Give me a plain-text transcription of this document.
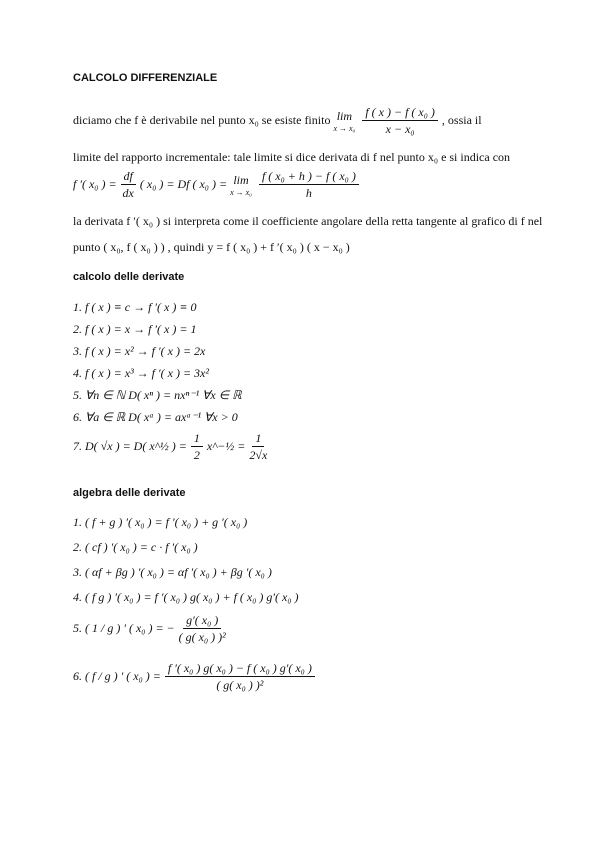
CALCOLO DIFFERENZIALE
diciamo che f è derivabile nel punto x₀ se esiste finito lim
$x \to x_0 \frac{\text{f ( x ) − f ( x₀ )}}{\text{x − x₀}}$ , ossia il
limite del rapporto incrementale: tale limite si dice derivata di f nel punto x₀ e si indica con
f ′( x₀ ) = $\frac{df}{dx}$ ( x₀ ) = Df ( x₀ ) = lim
$x \to x_0 \frac{\text{f ( x₀ + h ) − f ( x₀ )}}{h}$
la derivata f ′( x₀ ) si interpreta come il coefficiente angolare della retta tangente al grafico di f nel
punto ( x₀, f ( x₀ ) ) , quindi y = f ( x₀ ) + f ′( x₀ ) ( x − x₀ )
calcolo delle derivate
1. f ( x ) ≡ c → f ′( x ) ≡ 0
2. f ( x ) = x → f ′( x ) = 1
3. f ( x ) = x² → f ′( x ) = 2x
4. f ( x ) = x³ → f ′( x ) = 3x²
5. ∀n ∈ ℕ D( xⁿ ) = nxⁿ⁻¹ ∀x ∈ ℝ
6. ∀a ∈ ℝ D( xᵃ ) = axᵃ⁻¹ ∀x > 0
7. D( √x ) = D( x^½ ) = $\frac{1}{2}$ x^−½ = $\frac{1}{2√x}$
algebra delle derivate
1. ( f + g ) ′( x₀ ) = f ′( x₀ ) + g ′( x₀ )
2. ( cf ) ′( x₀ ) = c · f ′( x₀ )
3. ( αf + βg ) ′( x₀ ) = αf ′( x₀ ) + βg ′( x₀ )
4. ( f g ) ′( x₀ ) = f ′( x₀ ) g( x₀ ) + f ( x₀ ) g′( x₀ )
5. ( 1 / g ) ′ ( x₀ ) = − $\frac{\text{g′( x₀ )}}{\text{( g( x₀ ) )²}}$
6. ( f / g ) ′ ( x₀ ) = $\frac{\text{f ′( x₀ ) g( x₀ ) − f ( x₀ ) g′( x₀ )}}{\text{( g( x₀ ) )²}}$
